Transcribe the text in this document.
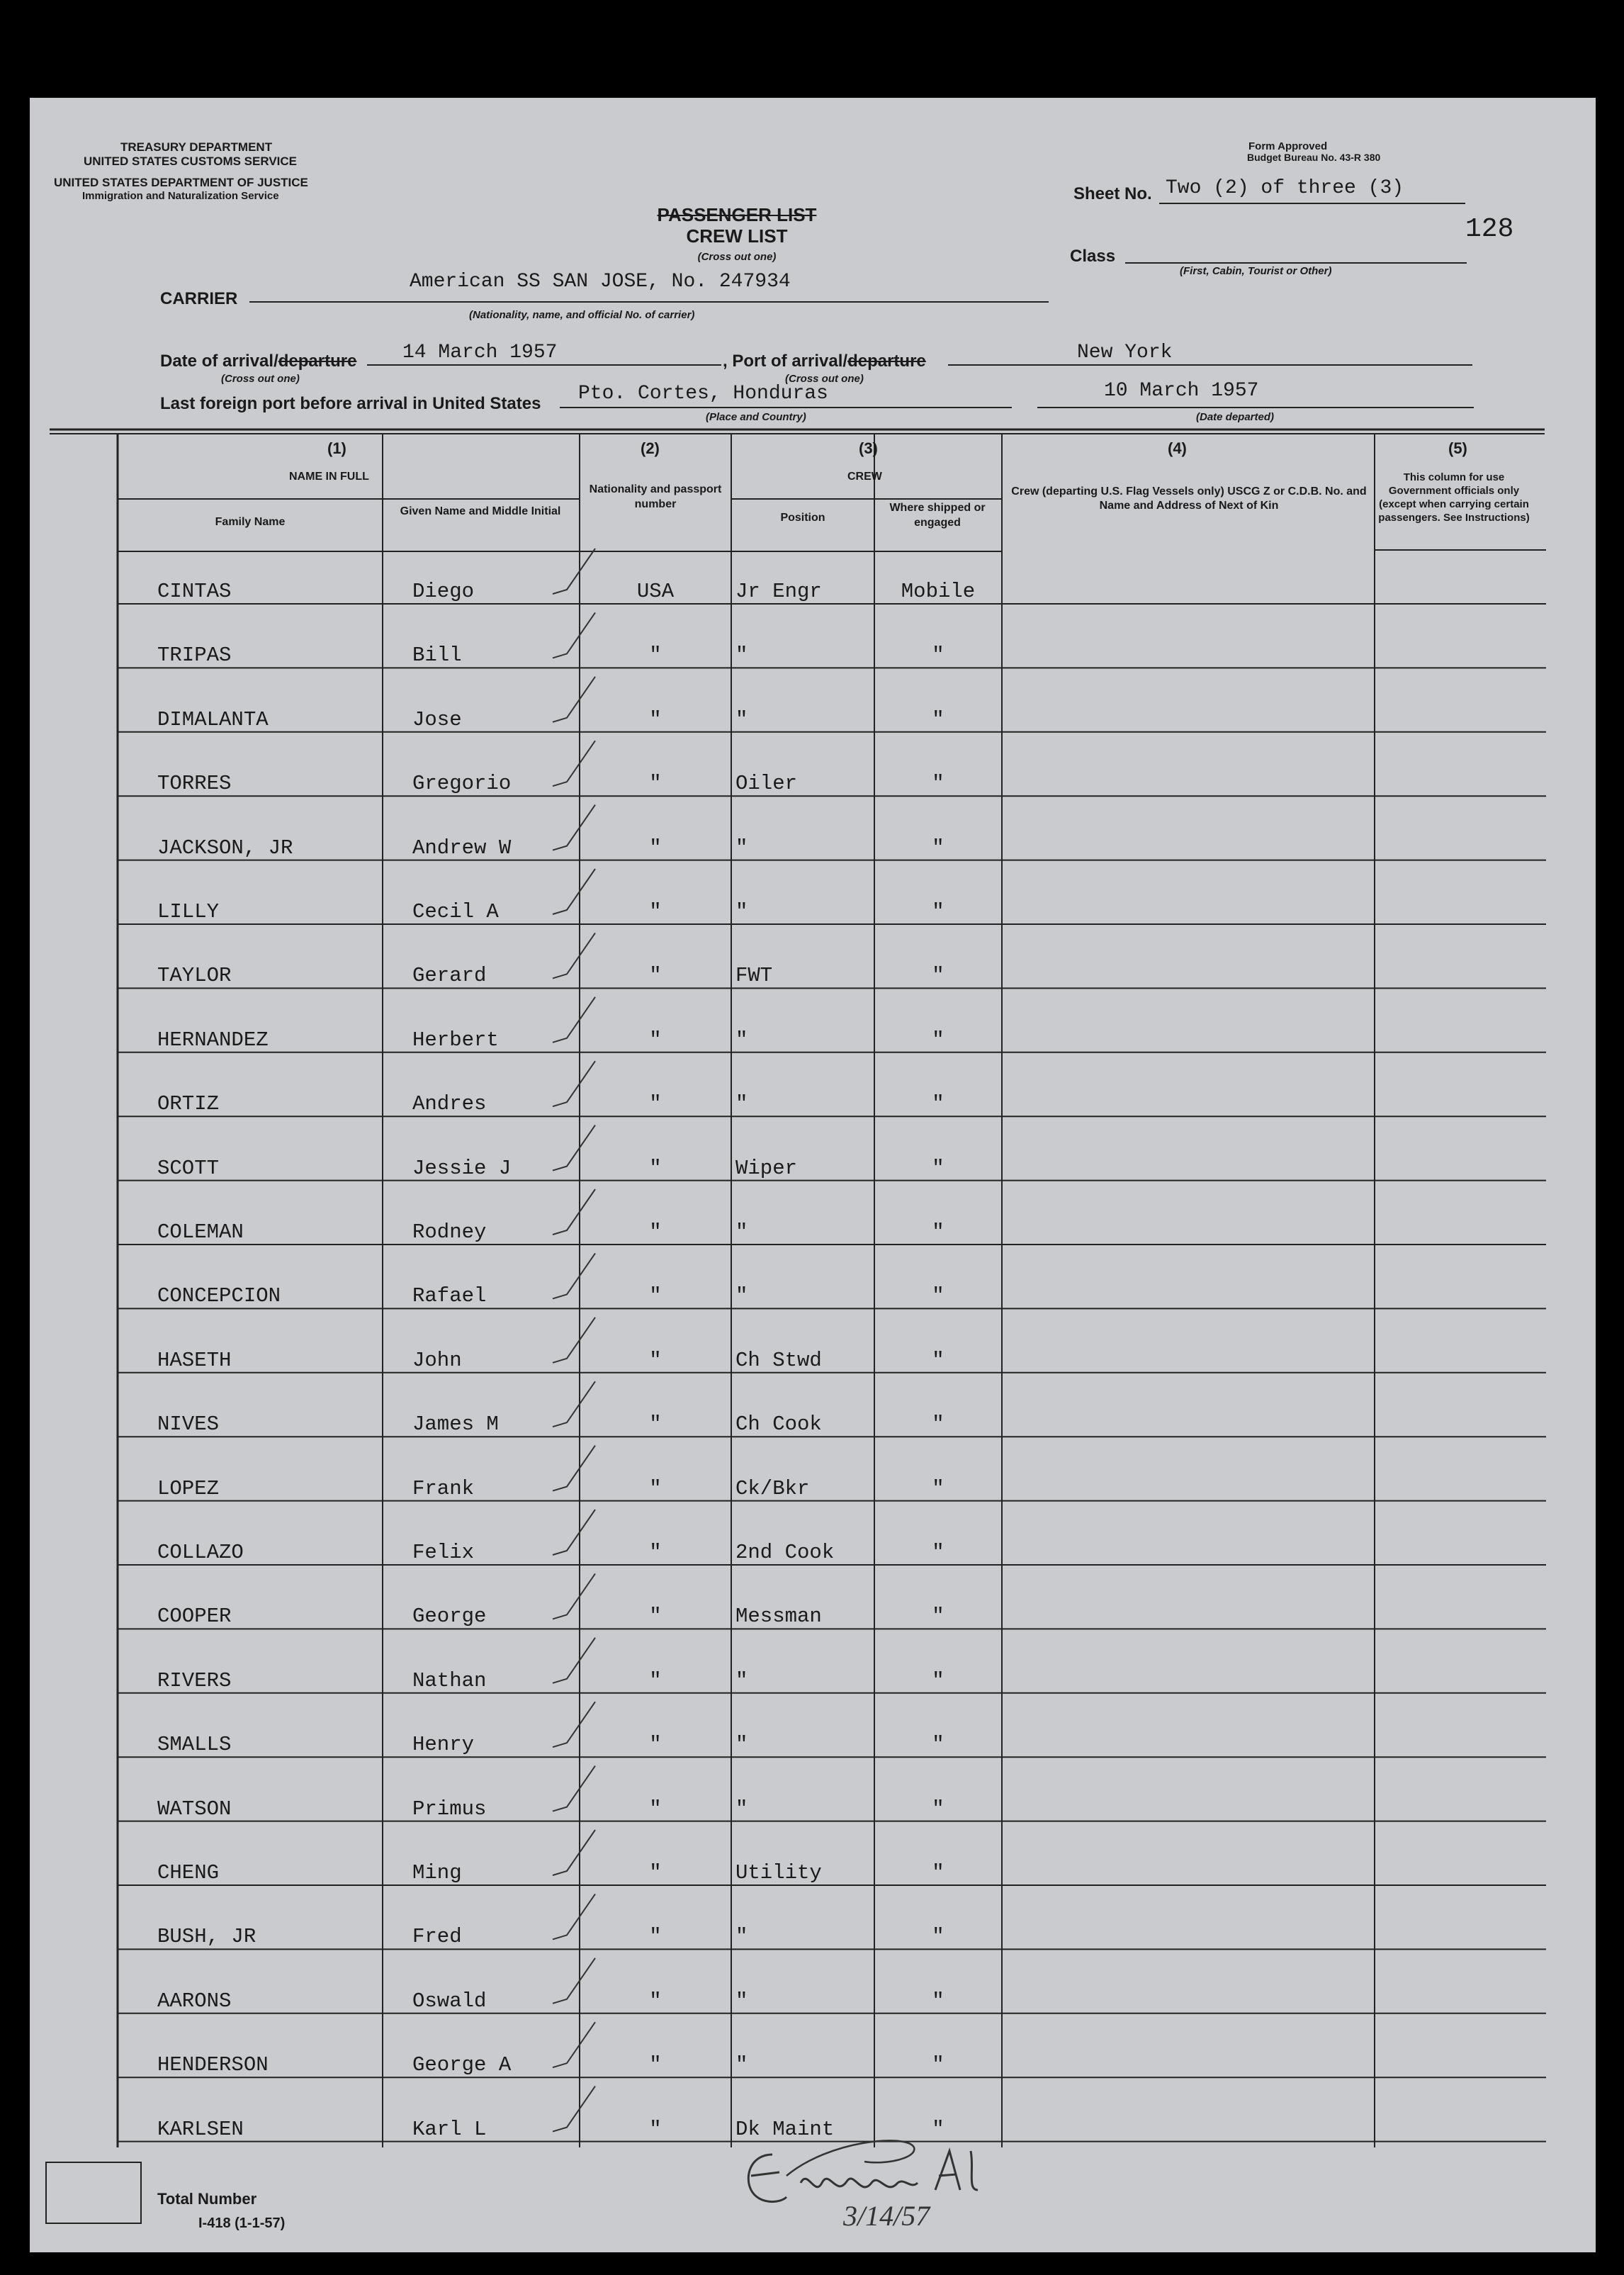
TREASURY DEPARTMENT
UNITED STATES CUSTOMS SERVICE
UNITED STATES DEPARTMENT OF JUSTICE
Immigration and Naturalization Service
Form Approved
Budget Bureau No. 43-R 380
Sheet No. Two (2) of three (3)
128
PASSENGER LIST
CREW LIST
(Cross out one)	Class
(First, Cabin, Tourist or Other)
CARRIER
American SS SAN JOSE, No. 247934
(Nationality, name, and official No. of carrier)
Date of arrival/departure 14 March 1957
(Cross out one)
, Port of arrival/departure	New York
(Cross out one)
Last foreign port before arrival in United States Pto. Cortes, Honduras
(Place and Country)
10 March 1957
(Date departed)
(1)
NAME IN FULL
Family Name
Given Name and Middle Initial
(2)
Nationality and passport number
(3)
CREW
Position
Where shipped or engaged
(4)
Crew (departing U.S. Flag Vessels only) USCG Z or C.D.B. No. and Name and Address of Next of Kin
(5)
This column for use Government officials only (except when carrying certain passengers. See Instructions)
CINTAS	Diego	USA	Jr Engr	Mobile
TRIPAS	Bill	"	"	"
DIMALANTA	Jose	"	"	"
TORRES	Gregorio	"	Oiler	"
JACKSON, JR	Andrew W	"	"	"
LILLY	Cecil A	"	"	"
TAYLOR	Gerard	"	FWT	"
HERNANDEZ	Herbert	"	"	"
ORTIZ	Andres	"	"	"
SCOTT	Jessie J	"	Wiper	"
COLEMAN	Rodney	"	"	"
CONCEPCION	Rafael	"	"	"
HASETH	John	"	Ch Stwd	"
NIVES	James M	"	Ch Cook	"
LOPEZ	Frank	"	Ck/Bkr	"
COLLAZO	Felix	"	2nd Cook	"
COOPER	George	"	Messman	"
RIVERS	Nathan	"	"	"
SMALLS	Henry	"	"	"
WATSON	Primus	"	"	"
CHENG	Ming	"	Utility	"
BUSH, JR	Fred	"	"	"
AARONS	Oswald	"	"	"
HENDERSON	George A	"	"	"
KARLSEN	Karl L	"	Dk Maint	"
Total Number
I-418 (1-1-57)	3/14/57
